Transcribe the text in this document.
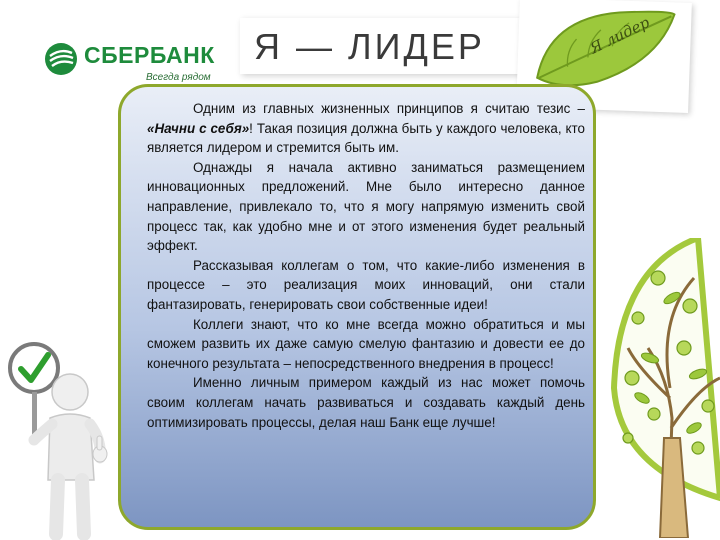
СБЕРБАНК
Всегда рядом
Я — ЛИДЕР	Я лидер

Одним из главных жизненных принципов я считаю тезис – «Начни с себя»! Такая позиция должна быть у каждого человека, кто является лидером и стремится быть им.

Однажды я начала активно заниматься размещением инновационных предложений. Мне было интересно данное направление, привлекало то, что я могу напрямую изменить свой процесс так, как удобно мне и от этого изменения будет реальный эффект.

Рассказывая коллегам о том, что какие-либо изменения в процессе – это реализация моих инноваций, они стали фантазировать, генерировать свои собственные идеи!

Коллеги знают, что ко мне всегда можно обратиться и мы сможем развить их даже самую смелую фантазию и довести ее до конечного результата – непосредственного внедрения в процесс!

Именно личным примером каждый из нас может помочь своим коллегам начать развиваться и создавать каждый день оптимизировать процессы, делая наш Банк еще лучше!
